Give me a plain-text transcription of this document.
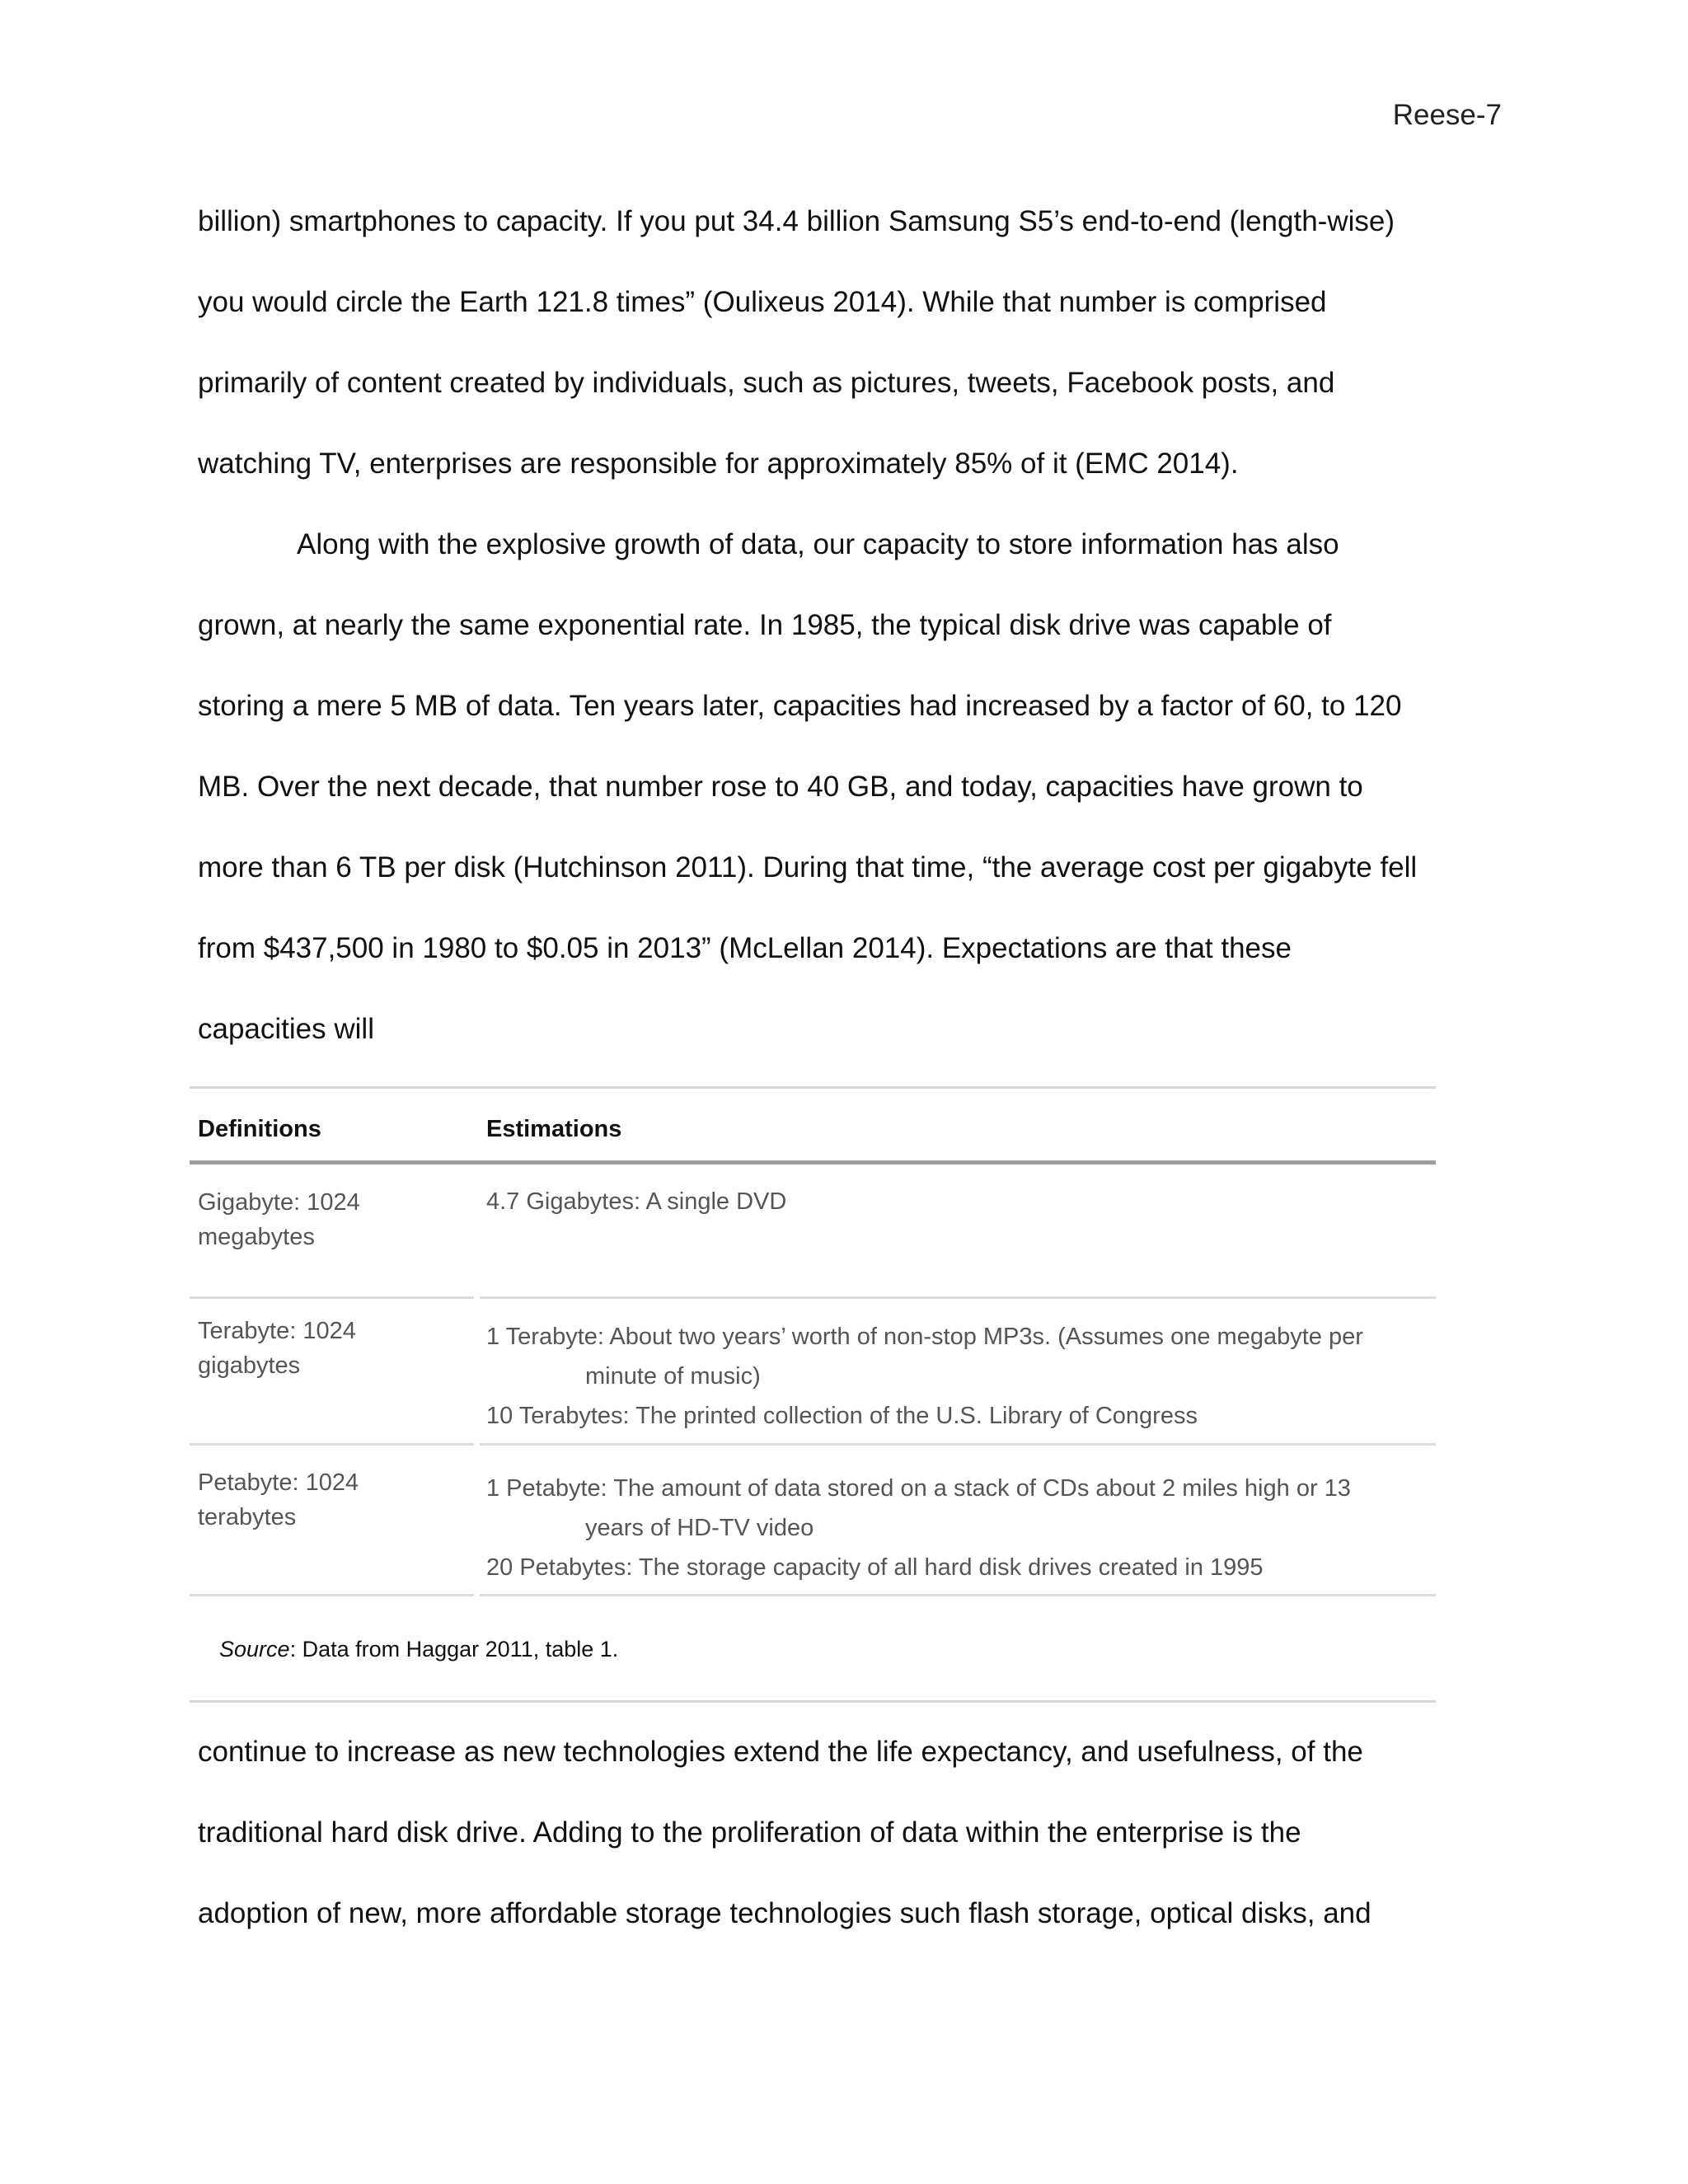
Reese-7
billion) smartphones to capacity. If you put 34.4 billion Samsung S5’s end-to-end (length-wise)
you would circle the Earth 121.8 times” (Oulixeus 2014). While that number is comprised
primarily of content created by individuals, such as pictures, tweets, Facebook posts, and
watching TV, enterprises are responsible for approximately 85% of it (EMC 2014).
Along with the explosive growth of data, our capacity to store information has also
grown, at nearly the same exponential rate. In 1985, the typical disk drive was capable of
storing a mere 5 MB of data. Ten years later, capacities had increased by a factor of 60, to 120
MB. Over the next decade, that number rose to 40 GB, and today, capacities have grown to
more than 6 TB per disk (Hutchinson 2011). During that time, “the average cost per gigabyte fell
from $437,500 in 1980 to $0.05 in 2013” (McLellan 2014). Expectations are that these
capacities will
Definitions	Estimations
Gigabyte: 1024
megabytes
4.7 Gigabytes: A single DVD
Terabyte: 1024
gigabytes
1 Terabyte: About two years’ worth of non-stop MP3s. (Assumes one megabyte per
minute of music)
10 Terabytes: The printed collection of the U.S. Library of Congress
Petabyte: 1024
terabytes
1 Petabyte: The amount of data stored on a stack of CDs about 2 miles high or 13
years of HD-TV video
20 Petabytes: The storage capacity of all hard disk drives created in 1995
Source: Data from Haggar 2011, table 1.
continue to increase as new technologies extend the life expectancy, and usefulness, of the
traditional hard disk drive. Adding to the proliferation of data within the enterprise is the
adoption of new, more affordable storage technologies such flash storage, optical disks, and
